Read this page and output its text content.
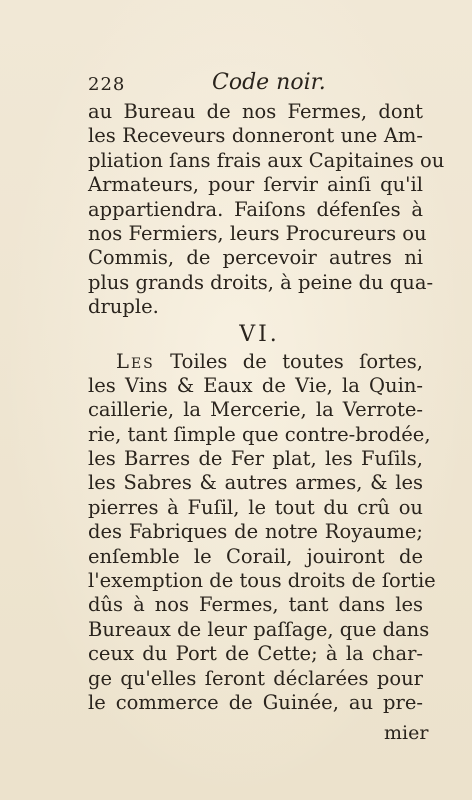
228	Code noir.
au Bureau de nos Fermes, dont
les Receveurs donneront une Am-
pliation ſans frais aux Capitaines ou
Armateurs, pour ſervir ainſi qu'il
appartiendra. Faiſons défenſes à
nos Fermiers, leurs Procureurs ou
Commis, de percevoir autres ni
plus grands droits, à peine du qua-
druple.
VI.
Les Toiles de toutes ſortes,
les Vins & Eaux de Vie, la Quin-
caillerie, la Mercerie, la Verrote-
rie, tant ſimple que contre-brodée,
les Barres de Fer plat, les Fuſils,
les Sabres & autres armes, & les
pierres à Fuſil, le tout du crû ou
des Fabriques de notre Royaume;
enſemble le Corail, jouiront de
l'exemption de tous droits de ſortie
dûs à nos Fermes, tant dans les
Bureaux de leur paſſage, que dans
ceux du Port de Cette; à la char-
ge qu'elles ſeront déclarées pour
le commerce de Guinée, au pre-
mier
